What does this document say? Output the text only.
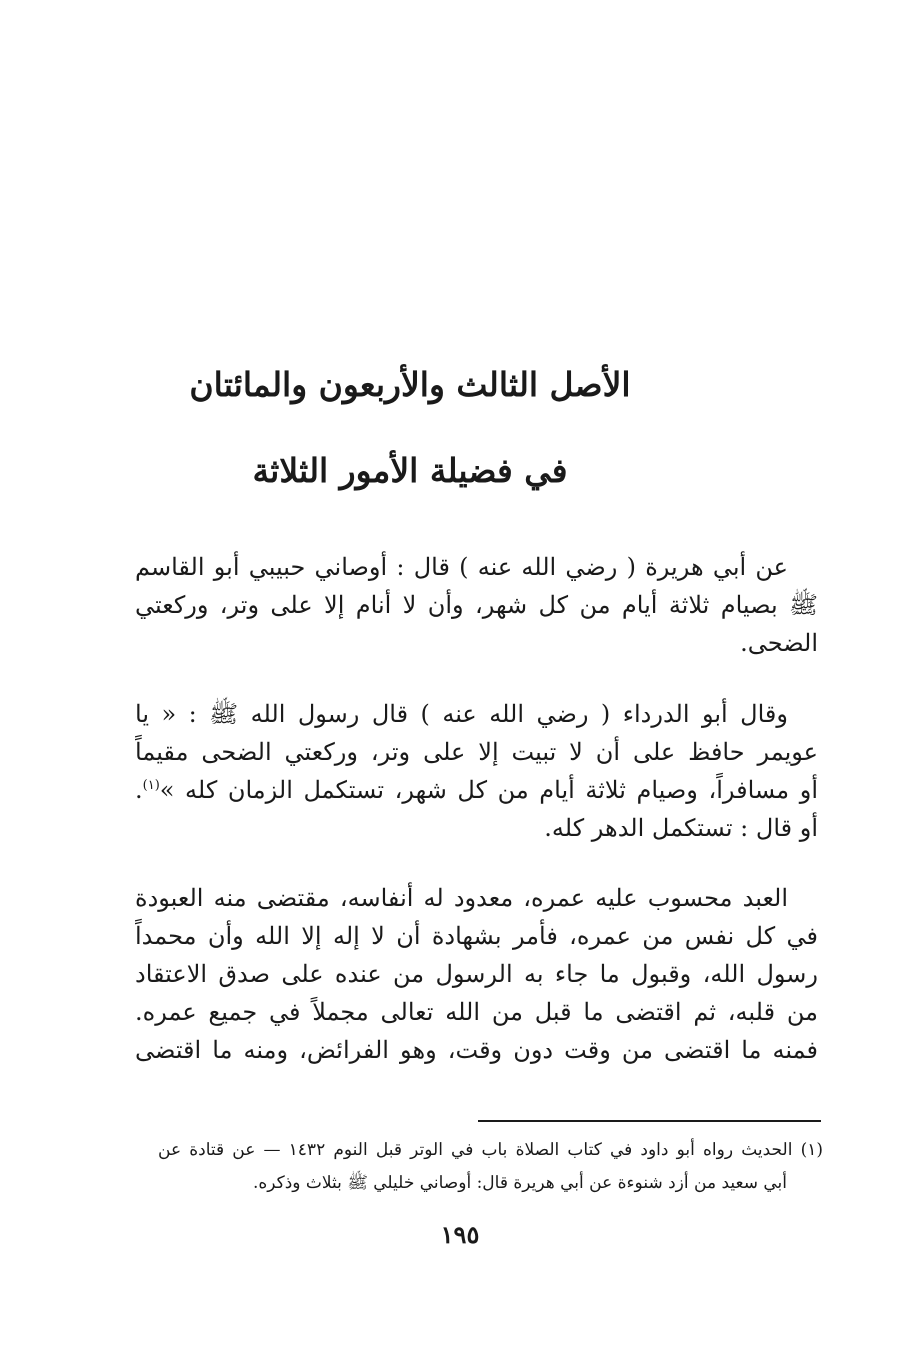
الأصل الثالث والأربعون والمائتان
في فضيلة الأمور الثلاثة
عن أبي هريرة ( رضي الله عنه ) قال : أوصاني حبيبي أبو القاسم
ﷺ بصيام ثلاثة أيام من كل شهر، وأن لا أنام إلا على وتر، وركعتي
الضحى.
وقال أبو الدرداء ( رضي الله عنه ) قال رسول الله ﷺ : « يا
عويمر حافظ على أن لا تبيت إلا على وتر، وركعتي الضحى مقيماً
أو مسافراً، وصيام ثلاثة أيام من كل شهر، تستكمل الزمان كله »$^{(١)}$.
أو قال : تستكمل الدهر كله.
العبد محسوب عليه عمره، معدود له أنفاسه، مقتضى منه العبودة
في كل نفس من عمره، فأمر بشهادة أن لا إله إلا الله وأن محمداً
رسول الله، وقبول ما جاء به الرسول من عنده على صدق الاعتقاد
من قلبه، ثم اقتضى ما قبل من الله تعالى مجملاً في جميع عمره.
فمنه ما اقتضى من وقت دون وقت، وهو الفرائض، ومنه ما اقتضى
(١) الحديث رواه أبو داود في كتاب الصلاة باب في الوتر قبل النوم ١٤٣٢ — عن قتادة عن
أبي سعيد من أزد شنوءة عن أبي هريرة قال: أوصاني خليلي ﷺ بثلاث وذكره.
١٩٥
